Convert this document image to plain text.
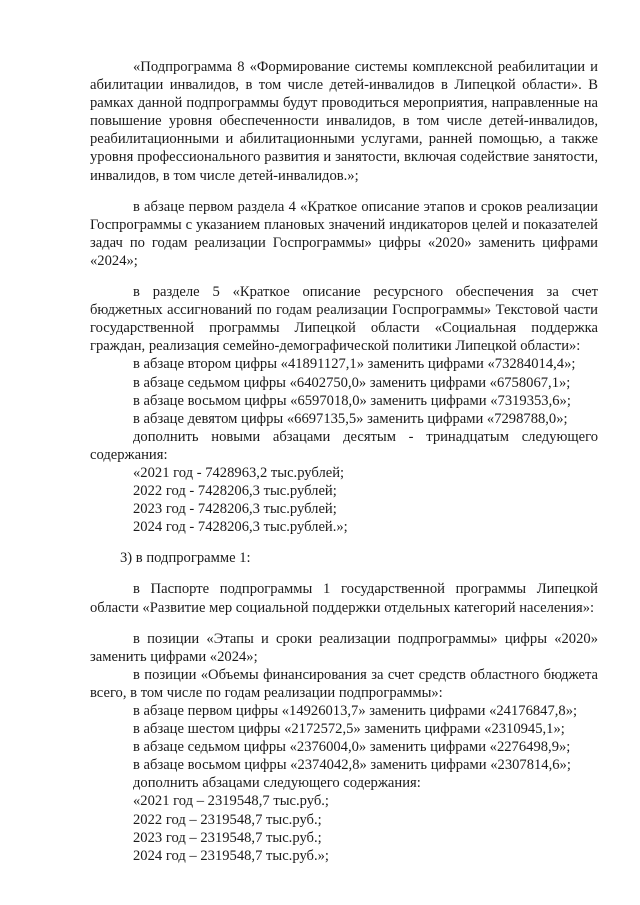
«Подпрограмма 8 «Формирование системы комплексной реабилитации и абилитации инвалидов, в том числе детей-инвалидов в Липецкой области». В рамках данной подпрограммы будут проводиться мероприятия, направленные на повышение уровня обеспеченности инвалидов, в том числе детей-инвалидов, реабилитационными и абилитационными услугами, ранней помощью, а также уровня профессионального развития и занятости, включая содействие занятости, инвалидов, в том числе детей-инвалидов.»;

в абзаце первом раздела 4 «Краткое описание этапов и сроков реализации Госпрограммы с указанием плановых значений индикаторов целей и показателей задач по годам реализации Госпрограммы» цифры «2020» заменить цифрами «2024»;

в разделе 5 «Краткое описание ресурсного обеспечения за счет бюджетных ассигнований по годам реализации Госпрограммы» Текстовой части государственной программы Липецкой области «Социальная поддержка граждан, реализация семейно-демографической политики Липецкой области»:

в абзаце втором цифры «41891127,1» заменить цифрами «73284014,4»;

в абзаце седьмом цифры «6402750,0» заменить цифрами «6758067,1»;

в абзаце восьмом цифры «6597018,0» заменить цифрами «7319353,6»;

в абзаце девятом цифры «6697135,5» заменить цифрами «7298788,0»;

дополнить новыми абзацами десятым - тринадцатым следующего содержания:

«2021 год - 7428963,2 тыс.рублей;

2022 год - 7428206,3 тыс.рублей;

2023 год - 7428206,3 тыс.рублей;

2024 год - 7428206,3 тыс.рублей.»;

3) в подпрограмме 1:

в Паспорте подпрограммы 1 государственной программы Липецкой области «Развитие мер социальной поддержки отдельных категорий населения»:

в позиции «Этапы и сроки реализации подпрограммы» цифры «2020» заменить цифрами «2024»;

в позиции «Объемы финансирования за счет средств областного бюджета всего, в том числе по годам реализации подпрограммы»:

в абзаце первом цифры «14926013,7» заменить цифрами «24176847,8»;

в абзаце шестом цифры «2172572,5» заменить цифрами «2310945,1»;

в абзаце седьмом цифры «2376004,0» заменить цифрами «2276498,9»;

в абзаце восьмом цифры «2374042,8» заменить цифрами «2307814,6»;

дополнить абзацами следующего содержания:

«2021 год – 2319548,7 тыс.руб.;

2022 год – 2319548,7 тыс.руб.;

2023 год – 2319548,7 тыс.руб.;

2024 год – 2319548,7 тыс.руб.»;
